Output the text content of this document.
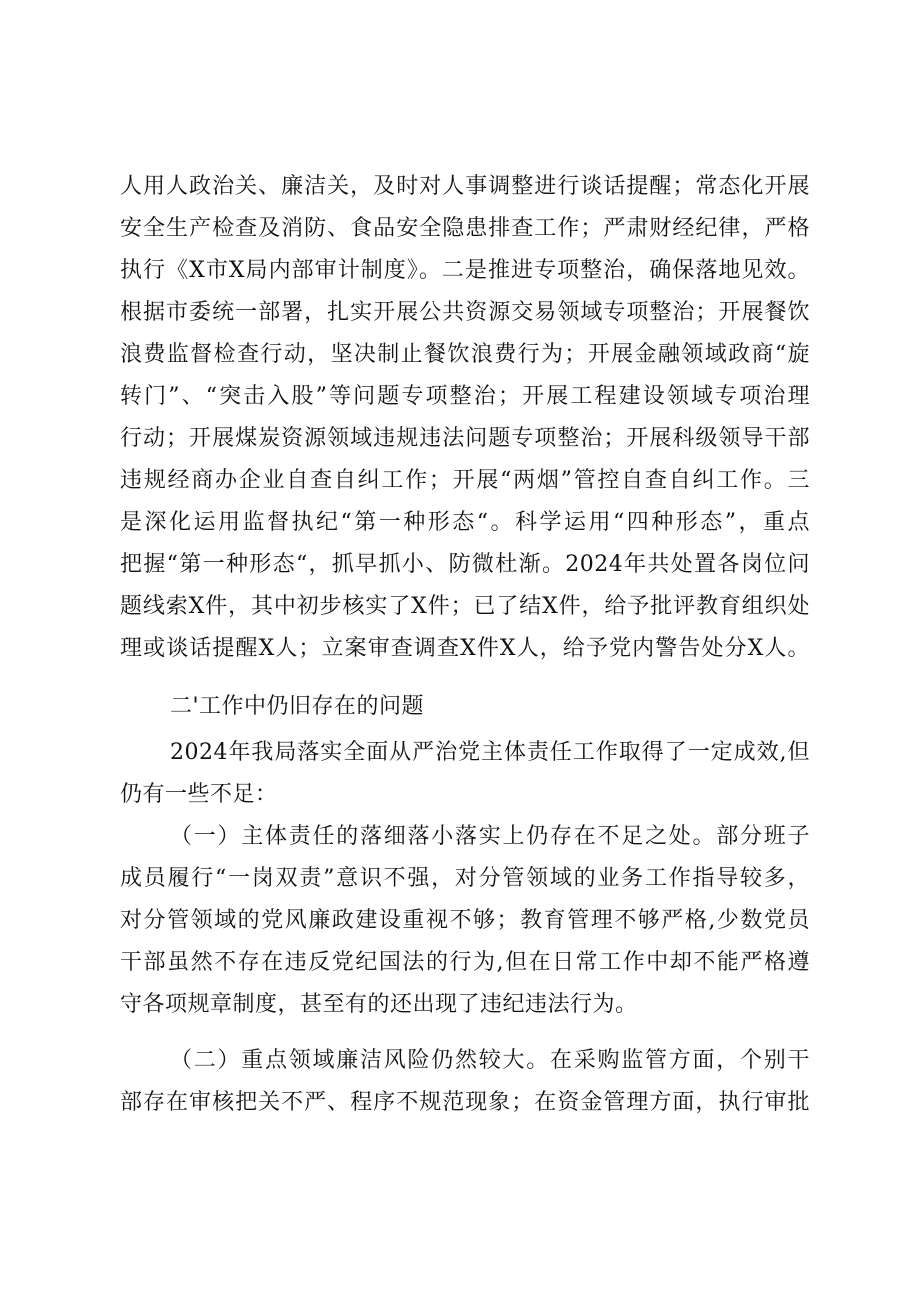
人用人政治关、廉洁关，及时对人事调整进行谈话提醒；常态化开展
安全生产检查及消防、食品安全隐患排查工作；严肃财经纪律，严格
执行《X市X局内部审计制度》。二是推进专项整治，确保落地见效。
根据市委统一部署，扎实开展公共资源交易领域专项整治；开展餐饮
浪费监督检查行动，坚决制止餐饮浪费行为；开展金融领域政商“旋
转门”、“突击入股”等问题专项整治；开展工程建设领域专项治理
行动；开展煤炭资源领域违规违法问题专项整治；开展科级领导干部
违规经商办企业自查自纠工作；开展“两烟”管控自查自纠工作。三
是深化运用监督执纪“第一种形态“。科学运用“四种形态”，重点
把握“第一种形态“，抓早抓小、防微杜渐。2024年共处置各岗位问
题线索X件，其中初步核实了X件；已了结X件，给予批评教育组织处
理或谈话提醒X人；立案审查调查X件X人，给予党内警告处分X人。
二'工作中仍旧存在的问题
2024年我局落实全面从严治党主体责任工作取得了一定成效,但
仍有一些不足：
（一）主体责任的落细落小落实上仍存在不足之处。部分班子
成员履行“一岗双责”意识不强，对分管领域的业务工作指导较多，
对分管领域的党风廉政建设重视不够；教育管理不够严格,少数党员
干部虽然不存在违反党纪国法的行为,但在日常工作中却不能严格遵
守各项规章制度，甚至有的还出现了违纪违法行为。
（二）重点领域廉洁风险仍然较大。在采购监管方面，个别干
部存在审核把关不严、程序不规范现象；在资金管理方面，执行审批
